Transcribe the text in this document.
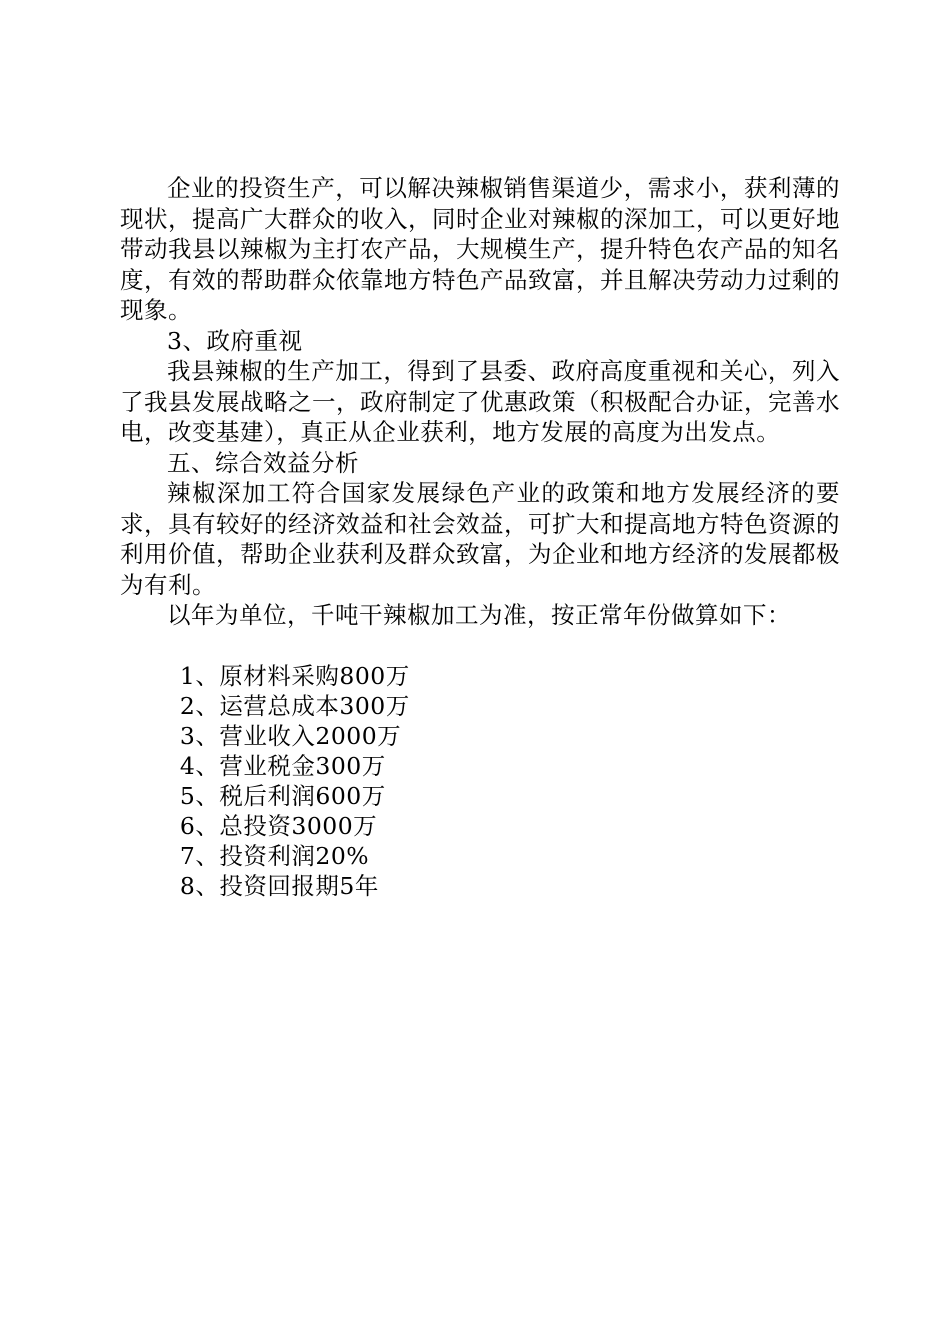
企业的投资生产，可以解决辣椒销售渠道少，需求小，获利薄的现状，提高广大群众的收入，同时企业对辣椒的深加工，可以更好地带动我县以辣椒为主打农产品，大规模生产，提升特色农产品的知名度，有效的帮助群众依靠地方特色产品致富，并且解决劳动力过剩的现象。

3、政府重视

我县辣椒的生产加工，得到了县委、政府高度重视和关心，列入了我县发展战略之一，政府制定了优惠政策（积极配合办证，完善水电，改变基建），真正从企业获利，地方发展的高度为出发点。

五、综合效益分析

辣椒深加工符合国家发展绿色产业的政策和地方发展经济的要求，具有较好的经济效益和社会效益，可扩大和提高地方特色资源的利用价值，帮助企业获利及群众致富，为企业和地方经济的发展都极为有利。

以年为单位，千吨干辣椒加工为准，按正常年份做算如下：

1、原材料采购800万
2、运营总成本300万
3、营业收入2000万
4、营业税金300万
5、税后利润600万
6、总投资3000万
7、投资利润20%
8、投资回报期5年
